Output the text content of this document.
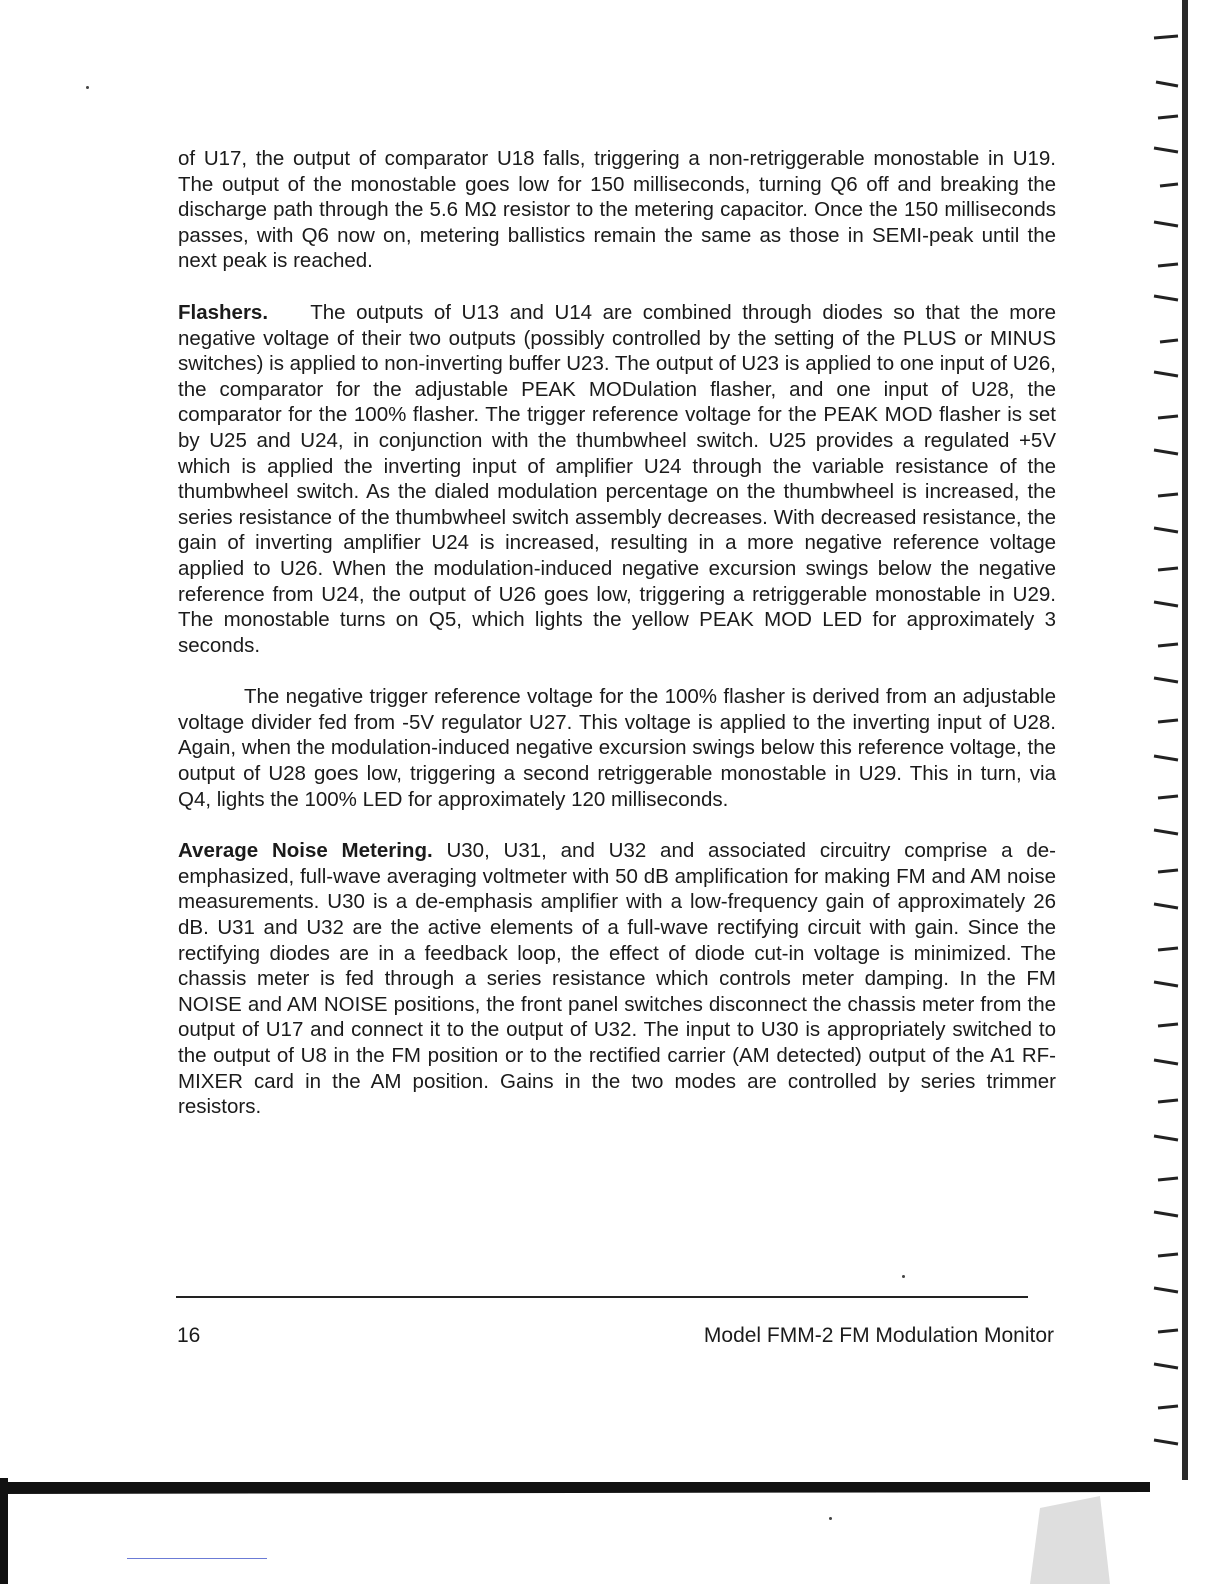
of U17, the output of comparator U18 falls, triggering a non-retriggerable monostable in U19. The output of the monostable goes low for 150 milliseconds, turning Q6 off and breaking the discharge path through the 5.6 MΩ resistor to the metering capacitor. Once the 150 milliseconds passes, with Q6 now on, metering ballistics remain the same as those in SEMI-peak until the next peak is reached.

Flashers. The outputs of U13 and U14 are combined through diodes so that the more negative voltage of their two outputs (possibly controlled by the setting of the PLUS or MINUS switches) is applied to non-inverting buffer U23. The output of U23 is applied to one input of U26, the comparator for the adjustable PEAK MODulation flasher, and one input of U28, the comparator for the 100% flasher. The trigger reference voltage for the PEAK MOD flasher is set by U25 and U24, in conjunction with the thumbwheel switch. U25 provides a regulated +5V which is applied the inverting input of amplifier U24 through the variable resistance of the thumbwheel switch. As the dialed modulation percentage on the thumbwheel is increased, the series resistance of the thumbwheel switch assembly decreases. With decreased resistance, the gain of inverting amplifier U24 is increased, resulting in a more negative reference voltage applied to U26. When the modulation-induced negative excursion swings below the negative reference from U24, the output of U26 goes low, triggering a retriggerable monostable in U29. The monostable turns on Q5, which lights the yellow PEAK MOD LED for approximately 3 seconds.

The negative trigger reference voltage for the 100% flasher is derived from an adjustable voltage divider fed from -5V regulator U27. This voltage is applied to the inverting input of U28. Again, when the modulation-induced negative excursion swings below this reference voltage, the output of U28 goes low, triggering a second retriggerable monostable in U29. This in turn, via Q4, lights the 100% LED for approximately 120 milliseconds.

Average Noise Metering. U30, U31, and U32 and associated circuitry comprise a de-emphasized, full-wave averaging voltmeter with 50 dB amplification for making FM and AM noise measurements. U30 is a de-emphasis amplifier with a low-frequency gain of approximately 26 dB. U31 and U32 are the active elements of a full-wave rectifying circuit with gain. Since the rectifying diodes are in a feedback loop, the effect of diode cut-in voltage is minimized. The chassis meter is fed through a series resistance which controls meter damping. In the FM NOISE and AM NOISE positions, the front panel switches disconnect the chassis meter from the output of U17 and connect it to the output of U32. The input to U30 is appropriately switched to the output of U8 in the FM position or to the rectified carrier (AM detected) output of the A1 RF-MIXER card in the AM position. Gains in the two modes are controlled by series trimmer resistors.

16	Model FMM-2 FM Modulation Monitor
